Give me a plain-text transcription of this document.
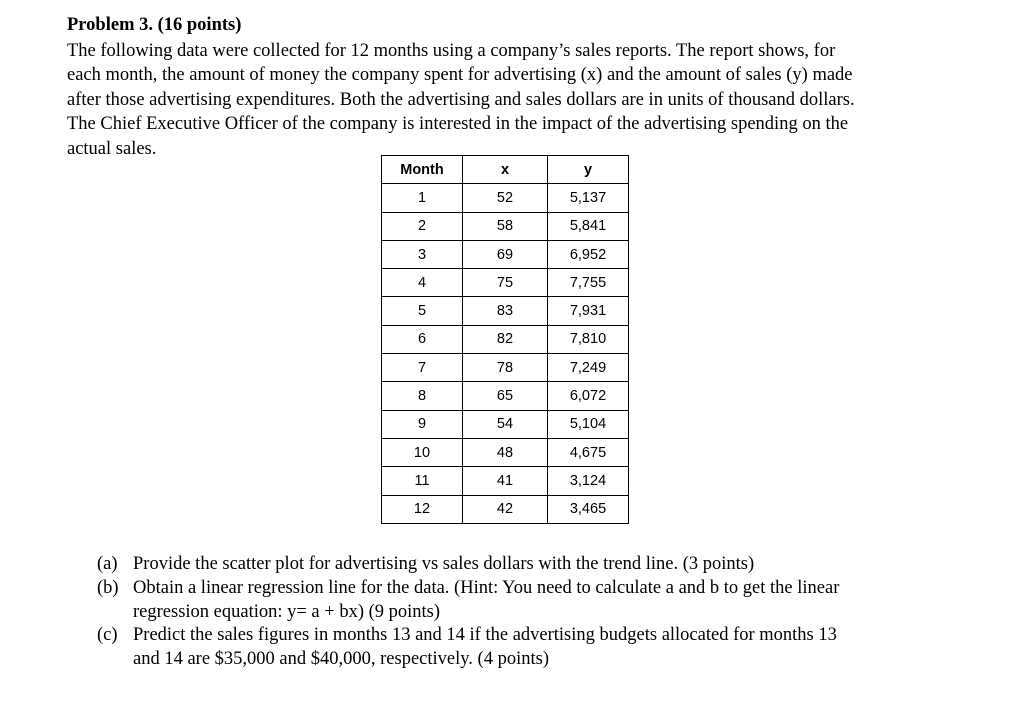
Problem 3. (16 points)
The following data were collected for 12 months using a company’s sales reports. The report shows, for
each month, the amount of money the company spent for advertising (x) and the amount of sales (y) made
after those advertising expenditures. Both the advertising and sales dollars are in units of thousand dollars.
The Chief Executive Officer of the company is interested in the impact of the advertising spending on the
actual sales.
Month	x	y
1	52	5,137
2	58	5,841
3	69	6,952
4	75	7,755
5	83	7,931
6	82	7,810
7	78	7,249
8	65	6,072
9	54	5,104
10	48	4,675
11	41	3,124
12	42	3,465
(a) Provide the scatter plot for advertising vs sales dollars with the trend line. (3 points)
(b) Obtain a linear regression line for the data. (Hint: You need to calculate a and b to get the linear
regression equation: y= a + bx) (9 points)
(c) Predict the sales figures in months 13 and 14 if the advertising budgets allocated for months 13
and 14 are $35,000 and $40,000, respectively. (4 points)
